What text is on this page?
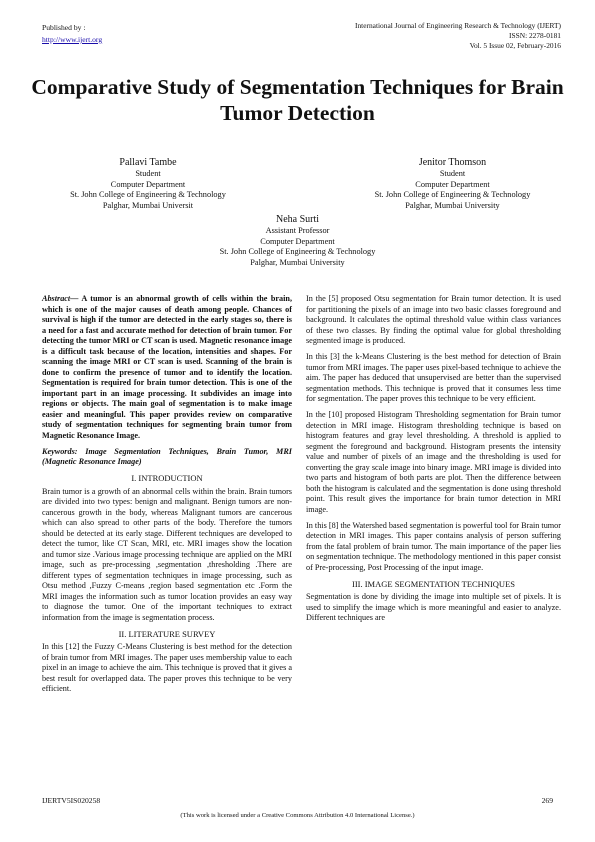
Published by :
http://www.ijert.org
International Journal of Engineering Research & Technology (IJERT)
ISSN: 2278-0181
Vol. 5 Issue 02, February-2016
Comparative Study of Segmentation Techniques for Brain Tumor Detection
Pallavi Tambe
Student
Computer Department
St. John College of Engineering & Technology
Palghar, Mumbai Universit
Jenitor Thomson
Student
Computer Department
St. John College of Engineering & Technology
Palghar, Mumbai University
Neha Surti
Assistant Professor
Computer Department
St. John College of Engineering & Technology
Palghar, Mumbai University

Abstract— A tumor is an abnormal growth of cells within the brain, which is one of the major causes of death among people. Chances of survival is high if the tumor are detected in the early stages so, there is a need for a fast and accurate method for detection of brain tumor. For detecting the tumor MRI or CT scan is used. Magnetic resonance image is a difficult task because of the location, intensities and shapes. For scanning the image MRI or CT scan is used. Scanning of the brain is done to confirm the presence of tumor and to identify the location. Segmentation is required for brain tumor detection. This is one of the important part in an image processing. It subdivides an image into regions or objects. The main goal of segmentation is to make image easier and meaningful. This paper provides review on comparative study of segmentation techniques for segmenting brain tumor from Magnetic Resonance Image.

Keywords: Image Segmentation Techniques, Brain Tumor, MRI (Magnetic Resonance Image)

I. INTRODUCTION

Brain tumor is a growth of an abnormal cells within the brain. Brain tumors are divided into two types: benign and malignant. Benign tumors are non- cancerous growth in the body, whereas Malignant tumors are cancerous which can also spread to other parts of the body. Therefore the tumors should be detected at its early stage. Different techniques are developed to detect the tumor, like CT Scan, MRI, etc. MRI images show the location and tumor size .Various image processing technique are applied on the MRI image, such as pre-processing ,segmentation ,thresholding .There are different types of segmentation techniques in image processing, such as Otsu method ,Fuzzy C-means ,region based segmentation etc .Form the MRI images the information such as tumor location provides an easy way to diagnose the tumor. One of the important techniques to extract information from the image is segmentation process.

II. LITERATURE SURVEY

In this [12] the Fuzzy C-Means Clustering is best method for the detection of brain tumor from MRI images. The paper uses membership value to each pixel in an image to achieve the aim. This technique is proved that it gives a best result for overlapped data. The paper proves this technique to be very efficient.

In the [5] proposed Otsu segmentation for Brain tumor detection. It is used for partitioning the pixels of an image into two basic classes foreground and background. It calculates the optimal threshold value within class variances of these two classes. By finding the optimal value for global thresholding segmented image is produced.

In this [3] the k-Means Clustering is the best method for detection of Brain tumor from MRI images. The paper uses pixel-based technique to achieve the aim. The paper has deduced that unsupervised are better than the supervised segmentation methods. This technique is proved that it consumes less time for segmentation. The paper proves this technique to be very efficient.

In the [10] proposed Histogram Thresholding segmentation for Brain tumor detection in MRI image. Histogram thresholding technique is based on histogram features and gray level thresholding. A threshold is applied to segment the foreground and background. Histogram presents the intensity value and number of pixels of an image and the thresholding is used for converting the gray scale image into binary image. MRI image is divided into two parts and histogram of both parts are plot. Then the difference between both the histogram is calculated and the segmentation is done using threshold point. This result gives the importance for brain tumor detection in MRI image.

In this [8] the Watershed based segmentation is powerful tool for Brain tumor detection in MRI images. This paper contains analysis of person suffering from the fatal problem of brain tumor. The main importance of the paper lies on segmentation technique. The methodology mentioned in this paper consist of Pre-processing, Post Processing of the input image.

III. IMAGE SEGMENTATION TECHNIQUES

Segmentation is done by dividing the image into multiple set of pixels. It is used to simplify the image which is more meaningful and easier to analyze. Different techniques are

IJERTV5IS020258	269
(This work is licensed under a Creative Commons Attribution 4.0 International License.)
